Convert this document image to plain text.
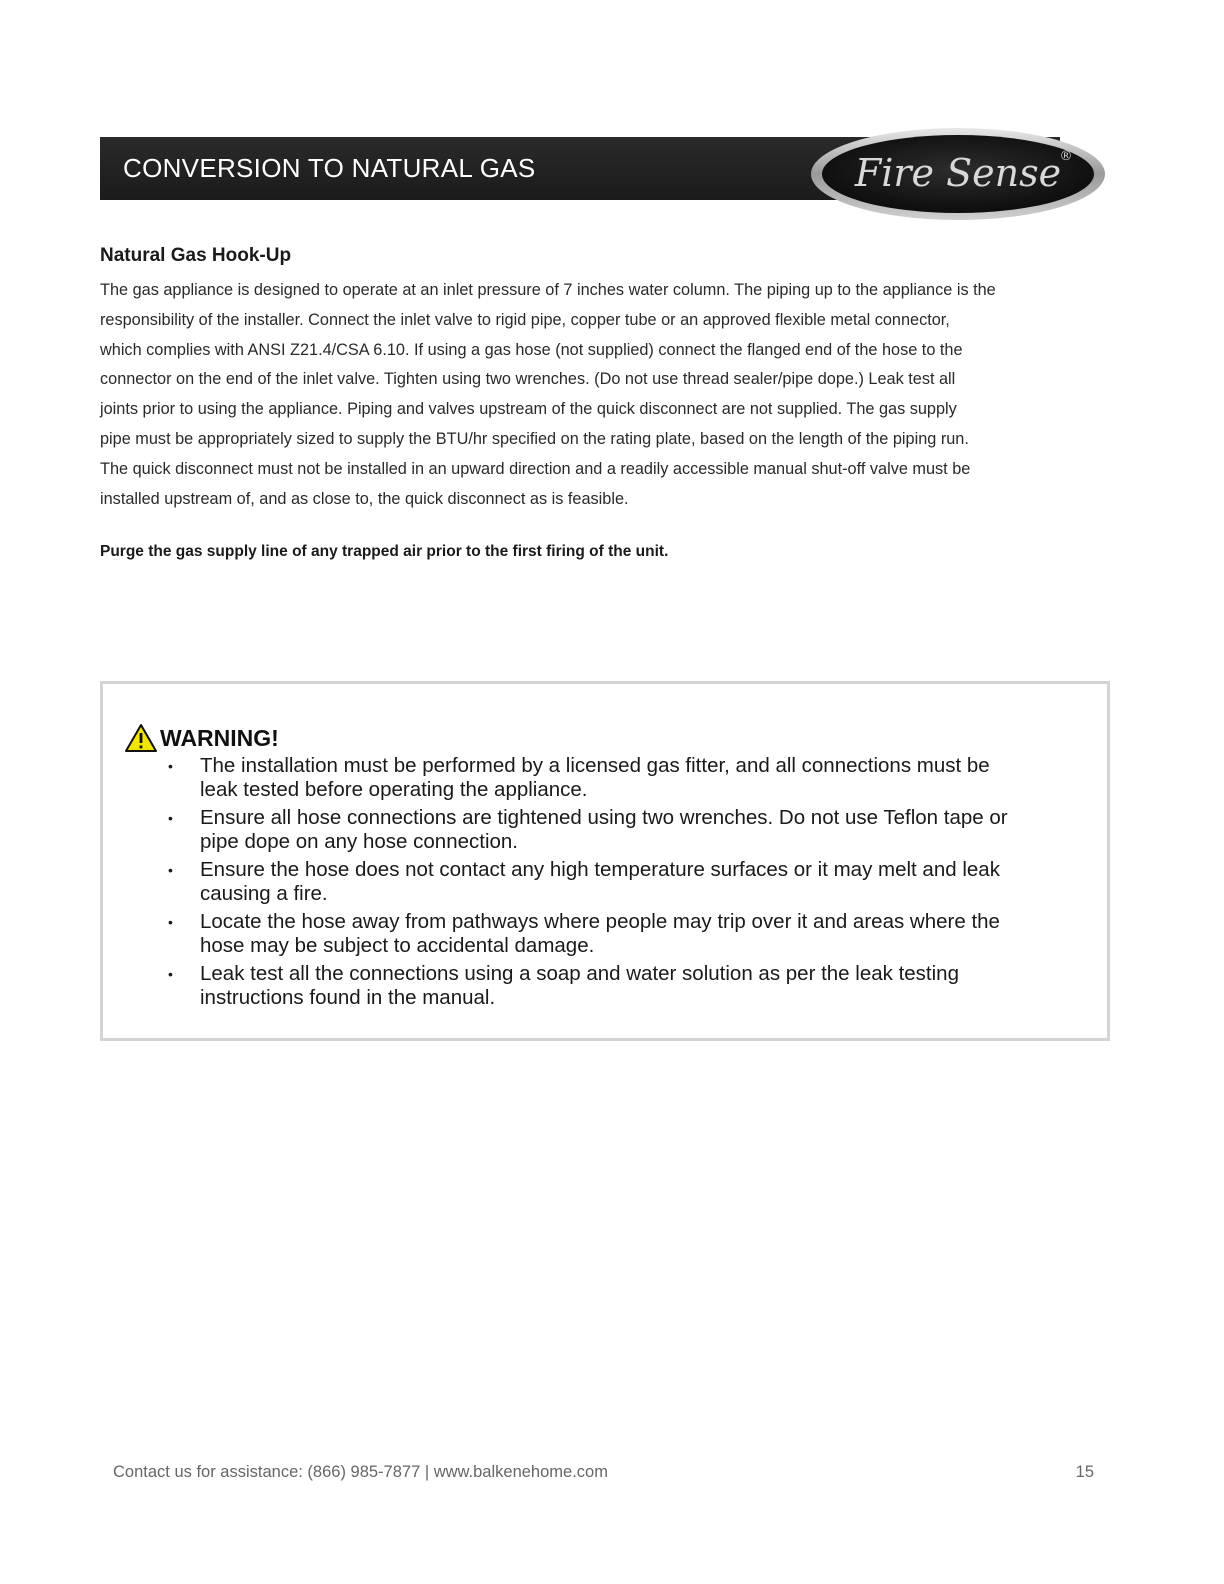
CONVERSION TO NATURAL GAS	Fire Sense
®
Natural Gas Hook-Up
The gas appliance is designed to operate at an inlet pressure of 7 inches water column. The piping up to the appliance is the
responsibility of the installer. Connect the inlet valve to rigid pipe, copper tube or an approved flexible metal connector,
which complies with ANSI Z21.4/CSA 6.10. If using a gas hose (not supplied) connect the flanged end of the hose to the
connector on the end of the inlet valve. Tighten using two wrenches. (Do not use thread sealer/pipe dope.) Leak test all
joints prior to using the appliance. Piping and valves upstream of the quick disconnect are not supplied. The gas supply
pipe must be appropriately sized to supply the BTU/hr specified on the rating plate, based on the length of the piping run.
The quick disconnect must not be installed in an upward direction and a readily accessible manual shut-off valve must be
installed upstream of, and as close to, the quick disconnect as is feasible.
Purge the gas supply line of any trapped air prior to the first firing of the unit.
WARNING!
• The installation must be performed by a licensed gas fitter, and all connections must be
leak tested before operating the appliance.
• Ensure all hose connections are tightened using two wrenches. Do not use Teflon tape or
pipe dope on any hose connection.
• Ensure the hose does not contact any high temperature surfaces or it may melt and leak
causing a fire.
• Locate the hose away from pathways where people may trip over it and areas where the
hose may be subject to accidental damage.
• Leak test all the connections using a soap and water solution as per the leak testing
instructions found in the manual.
Contact us for assistance: (866) 985-7877 | www.balkenehome.com	15
